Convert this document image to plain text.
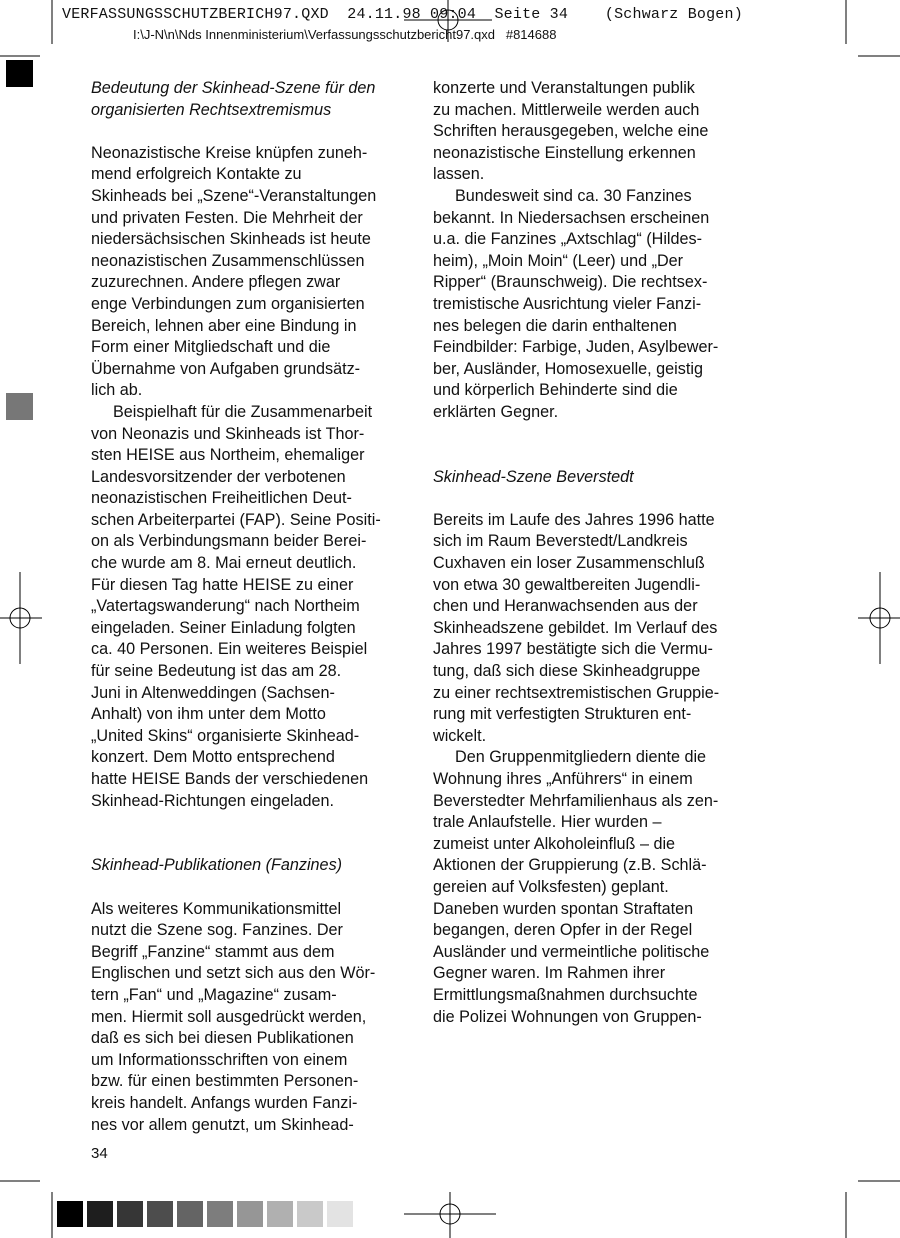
VERFASSUNGSSCHUTZBERICH97.QXD  24.11.98 09:04  Seite 34    (Schwarz Bogen)
I:\J-N\n\Nds Innenministerium\Verfassungsschutzbericht97.qxd   #814688

Bedeutung der Skinhead-Szene für den
organisierten Rechtsextremismus

Neonazistische Kreise knüpfen zuneh-
mend erfolgreich Kontakte zu
Skinheads bei „Szene“-Veranstaltungen
und privaten Festen. Die Mehrheit der
niedersächsischen Skinheads ist heute
neonazistischen Zusammenschlüssen
zuzurechnen. Andere pflegen zwar
enge Verbindungen zum organisierten
Bereich, lehnen aber eine Bindung in
Form einer Mitgliedschaft und die
Übernahme von Aufgaben grundsätz-
lich ab.

Beispielhaft für die Zusammenarbeit
von Neonazis und Skinheads ist Thor-
sten HEISE aus Northeim, ehemaliger
Landesvorsitzender der verbotenen
neonazistischen Freiheitlichen Deut-
schen Arbeiterpartei (FAP). Seine Positi-
on als Verbindungsmann beider Berei-
che wurde am 8. Mai erneut deutlich.
Für diesen Tag hatte HEISE zu einer
„Vatertagswanderung“ nach Northeim
eingeladen. Seiner Einladung folgten
ca. 40 Personen. Ein weiteres Beispiel
für seine Bedeutung ist das am 28.
Juni in Altenweddingen (Sachsen-
Anhalt) von ihm unter dem Motto
„United Skins“ organisierte Skinhead-
konzert. Dem Motto entsprechend
hatte HEISE Bands der verschiedenen
Skinhead-Richtungen eingeladen.

Skinhead-Publikationen (Fanzines)

Als weiteres Kommunikationsmittel
nutzt die Szene sog. Fanzines. Der
Begriff „Fanzine“ stammt aus dem
Englischen und setzt sich aus den Wör-
tern „Fan“ und „Magazine“ zusam-
men. Hiermit soll ausgedrückt werden,
daß es sich bei diesen Publikationen
um Informationsschriften von einem
bzw. für einen bestimmten Personen-
kreis handelt. Anfangs wurden Fanzi-
nes vor allem genutzt, um Skinhead-

konzerte und Veranstaltungen publik
zu machen. Mittlerweile werden auch
Schriften herausgegeben, welche eine
neonazistische Einstellung erkennen
lassen.

Bundesweit sind ca. 30 Fanzines
bekannt. In Niedersachsen erscheinen
u.a. die Fanzines „Axtschlag“ (Hildes-
heim), „Moin Moin“ (Leer) und „Der
Ripper“ (Braunschweig). Die rechtsex-
tremistische Ausrichtung vieler Fanzi-
nes belegen die darin enthaltenen
Feindbilder: Farbige, Juden, Asylbewer-
ber, Ausländer, Homosexuelle, geistig
und körperlich Behinderte sind die
erklärten Gegner.

Skinhead-Szene Beverstedt

Bereits im Laufe des Jahres 1996 hatte
sich im Raum Beverstedt/Landkreis
Cuxhaven ein loser Zusammenschluß
von etwa 30 gewaltbereiten Jugendli-
chen und Heranwachsenden aus der
Skinheadszene gebildet. Im Verlauf des
Jahres 1997 bestätigte sich die Vermu-
tung, daß sich diese Skinheadgruppe
zu einer rechtsextremistischen Gruppie-
rung mit verfestigten Strukturen ent-
wickelt.

Den Gruppenmitgliedern diente die
Wohnung ihres „Anführers“ in einem
Beverstedter Mehrfamilienhaus als zen-
trale Anlaufstelle. Hier wurden –
zumeist unter Alkoholeinfluß – die
Aktionen der Gruppierung (z.B. Schlä-
gereien auf Volksfesten) geplant.
Daneben wurden spontan Straftaten
begangen, deren Opfer in der Regel
Ausländer und vermeintliche politische
Gegner waren. Im Rahmen ihrer
Ermittlungsmaßnahmen durchsuchte
die Polizei Wohnungen von Gruppen-

34
